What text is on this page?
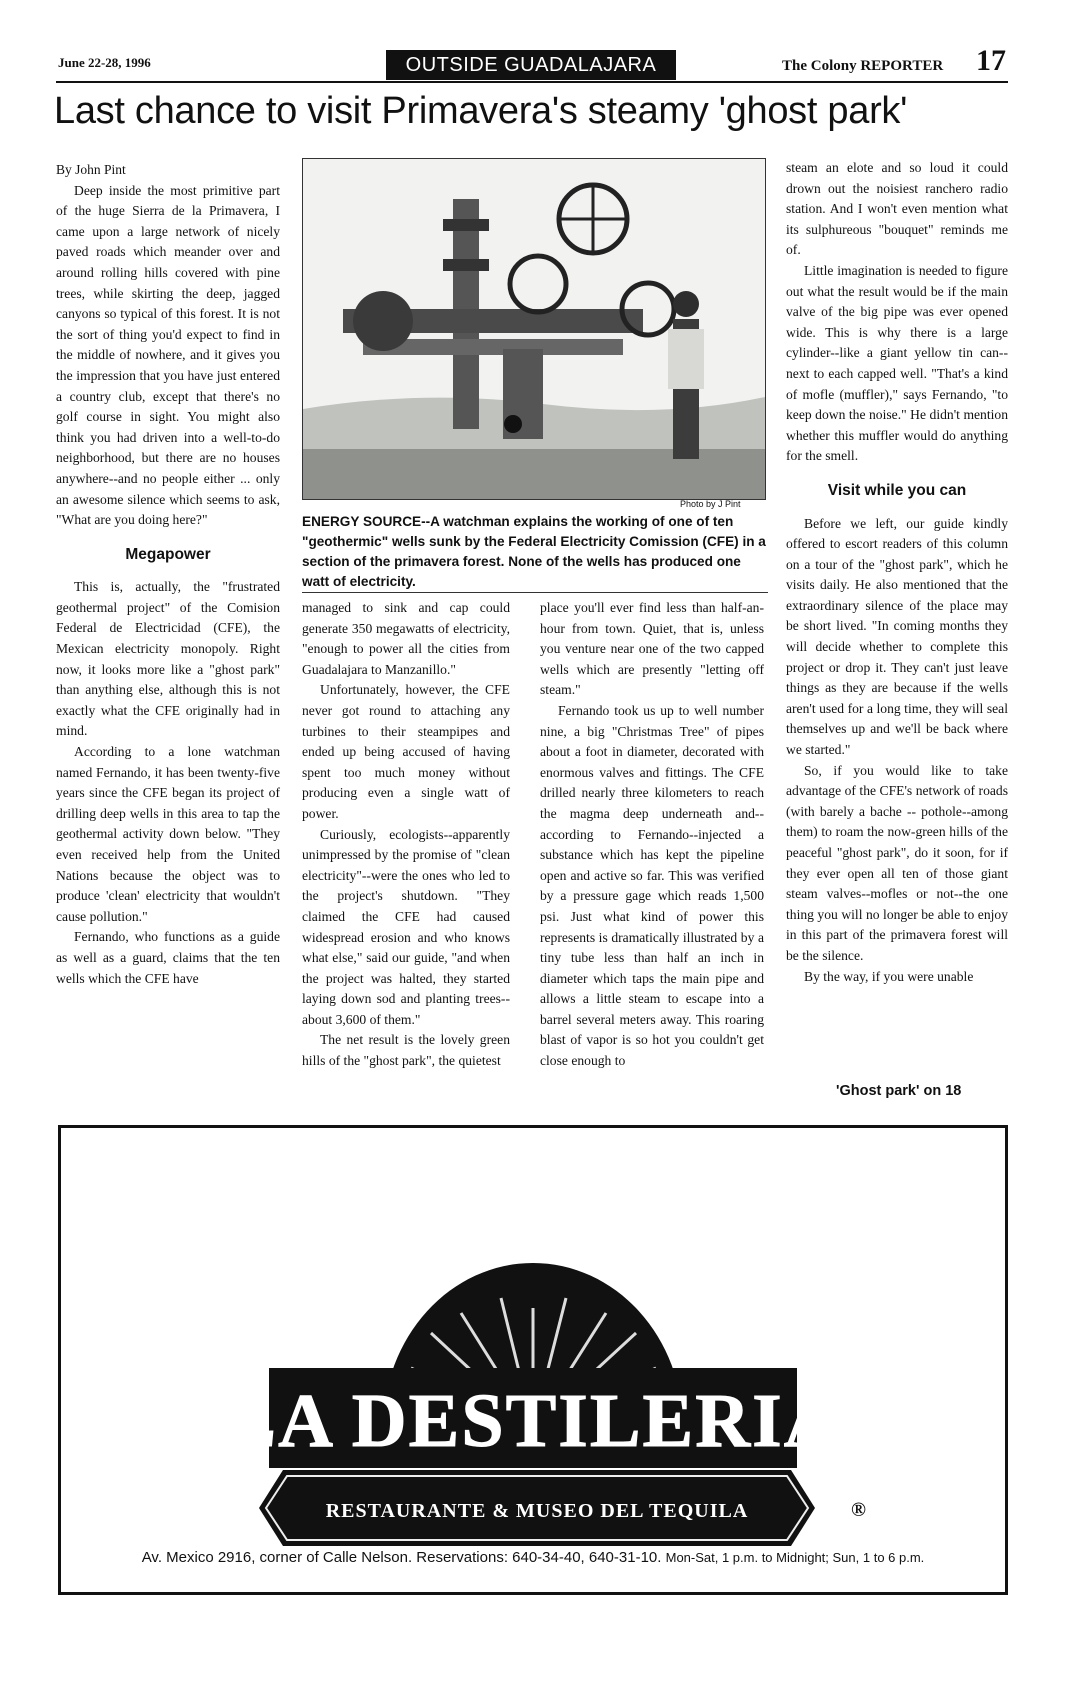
June 22-28, 1996	OUTSIDE GUADALAJARA	The Colony REPORTER 17
Last chance to visit Primavera's steamy 'ghost park'

By John Pint

Deep inside the most primitive part of the huge Sierra de la Primavera, I came upon a large network of nicely paved roads which meander over and around rolling hills covered with pine trees, while skirting the deep, jagged canyons so typical of this forest. It is not the sort of thing you'd expect to find in the middle of nowhere, and it gives you the impression that you have just entered a country club, except that there's no golf course in sight. You might also think you had driven into a well-to-do neighborhood, but there are no houses anywhere--and no people either ... only an awesome silence which seems to ask, "What are you doing here?"

Megapower

This is, actually, the "frustrated geothermal project" of the Comision Federal de Electricidad (CFE), the Mexican electricity monopoly. Right now, it looks more like a "ghost park" than anything else, although this is not exactly what the CFE originally had in mind.

According to a lone watchman named Fernando, it has been twenty-five years since the CFE began its project of drilling deep wells in this area to tap the geothermal activity down below. "They even received help from the United Nations because the object was to produce 'clean' electricity that wouldn't cause pollution."

Fernando, who functions as a guide as well as a guard, claims that the ten wells which the CFE have

Photo by J Pint
ENERGY SOURCE--A watchman explains the working of one of ten "geothermic" wells sunk by the Federal Electricity Comission (CFE) in a section of the primavera forest. None of the wells has produced one watt of electricity.

managed to sink and cap could generate 350 megawatts of electricity, "enough to power all the cities from Guadalajara to Manzanillo."

Unfortunately, however, the CFE never got round to attaching any turbines to their steampipes and ended up being accused of having spent too much money without producing even a single watt of power.

Curiously, ecologists--apparently unimpressed by the promise of "clean electricity"--were the ones who led to the project's shutdown. "They claimed the CFE had caused widespread erosion and who knows what else," said our guide, "and when the project was halted, they started laying down sod and planting trees--about 3,600 of them."

The net result is the lovely green hills of the "ghost park", the quietest

place you'll ever find less than half-an-hour from town. Quiet, that is, unless you venture near one of the two capped wells which are presently "letting off steam."

Fernando took us up to well number nine, a big "Christmas Tree" of pipes about a foot in diameter, decorated with enormous valves and fittings. The CFE drilled nearly three kilometers to reach the magma deep underneath and--according to Fernando--injected a substance which has kept the pipeline open and active so far. This was verified by a pressure gage which reads 1,500 psi. Just what kind of power this represents is dramatically illustrated by a tiny tube less than half an inch in diameter which taps the main pipe and allows a little steam to escape into a barrel several meters away. This roaring blast of vapor is so hot you couldn't get close enough to

steam an elote and so loud it could drown out the noisiest ranchero radio station. And I won't even mention what its sulphureous "bouquet" reminds me of.

Little imagination is needed to figure out what the result would be if the main valve of the big pipe was ever opened wide. This is why there is a large cylinder--like a giant yellow tin can--next to each capped well. "That's a kind of mofle (muffler)," says Fernando, "to keep down the noise." He didn't mention whether this muffler would do anything for the smell.

Visit while you can

Before we left, our guide kindly offered to escort readers of this column on a tour of the "ghost park", which he visits daily. He also mentioned that the extraordinary silence of the place may be short lived. "In coming months they will decide whether to complete this project or drop it. They can't just leave things as they are because if the wells aren't used for a long time, they will seal themselves up and we'll be back where we started."

So, if you would like to take advantage of the CFE's network of roads (with barely a bache -- pothole--among them) to roam the now-green hills of the peaceful "ghost park", do it soon, for if they ever open all ten of those giant steam valves--mofles or not--the one thing you will no longer be able to enjoy in this part of the primavera forest will be the silence.

By the way, if you were unable

'Ghost park' on 18
LA DESTILERIA
RESTAURANTE & MUSEO DEL TEQUILA	®
Av. Mexico 2916, corner of Calle Nelson. Reservations: 640-34-40, 640-31-10. Mon-Sat, 1 p.m. to Midnight; Sun, 1 to 6 p.m.
